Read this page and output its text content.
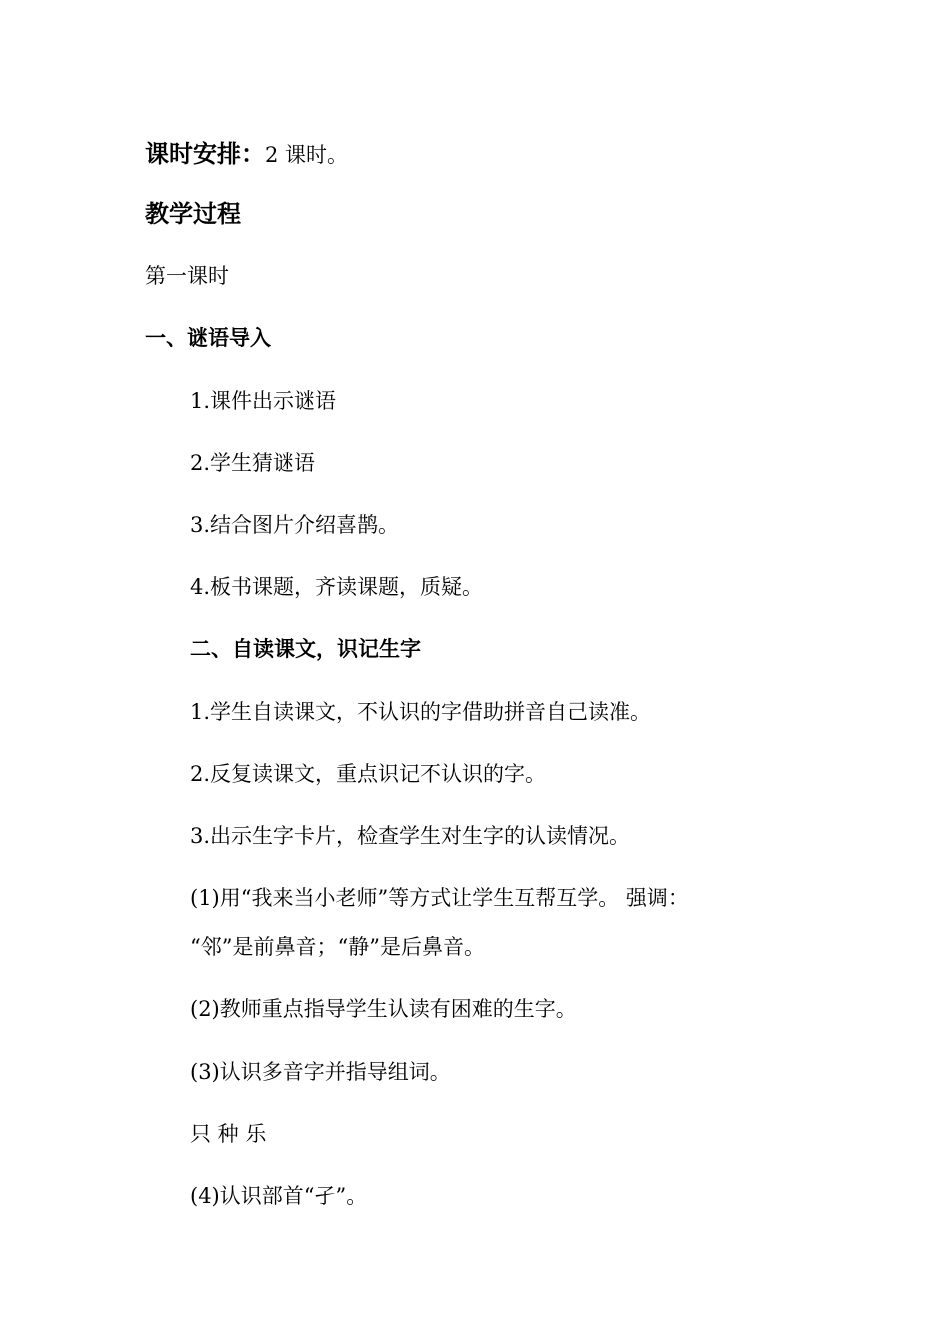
课时安排：2 课时。
教学过程
第一课时
一、谜语导入
1.课件出示谜语
2.学生猜谜语
3.结合图片介绍喜鹊。
4.板书课题，齐读课题，质疑。
二、自读课文，识记生字
1.学生自读课文，不认识的字借助拼音自己读准。
2.反复读课文，重点识记不认识的字。
3.出示生字卡片，检查学生对生字的认读情况。
(1)用“我来当小老师”等方式让学生互帮互学。 强调：
“邻”是前鼻音；“静”是后鼻音。
(2)教师重点指导学生认读有困难的生字。
(3)认识多音字并指导组词。
只 种 乐
(4)认识部首“孑”。
